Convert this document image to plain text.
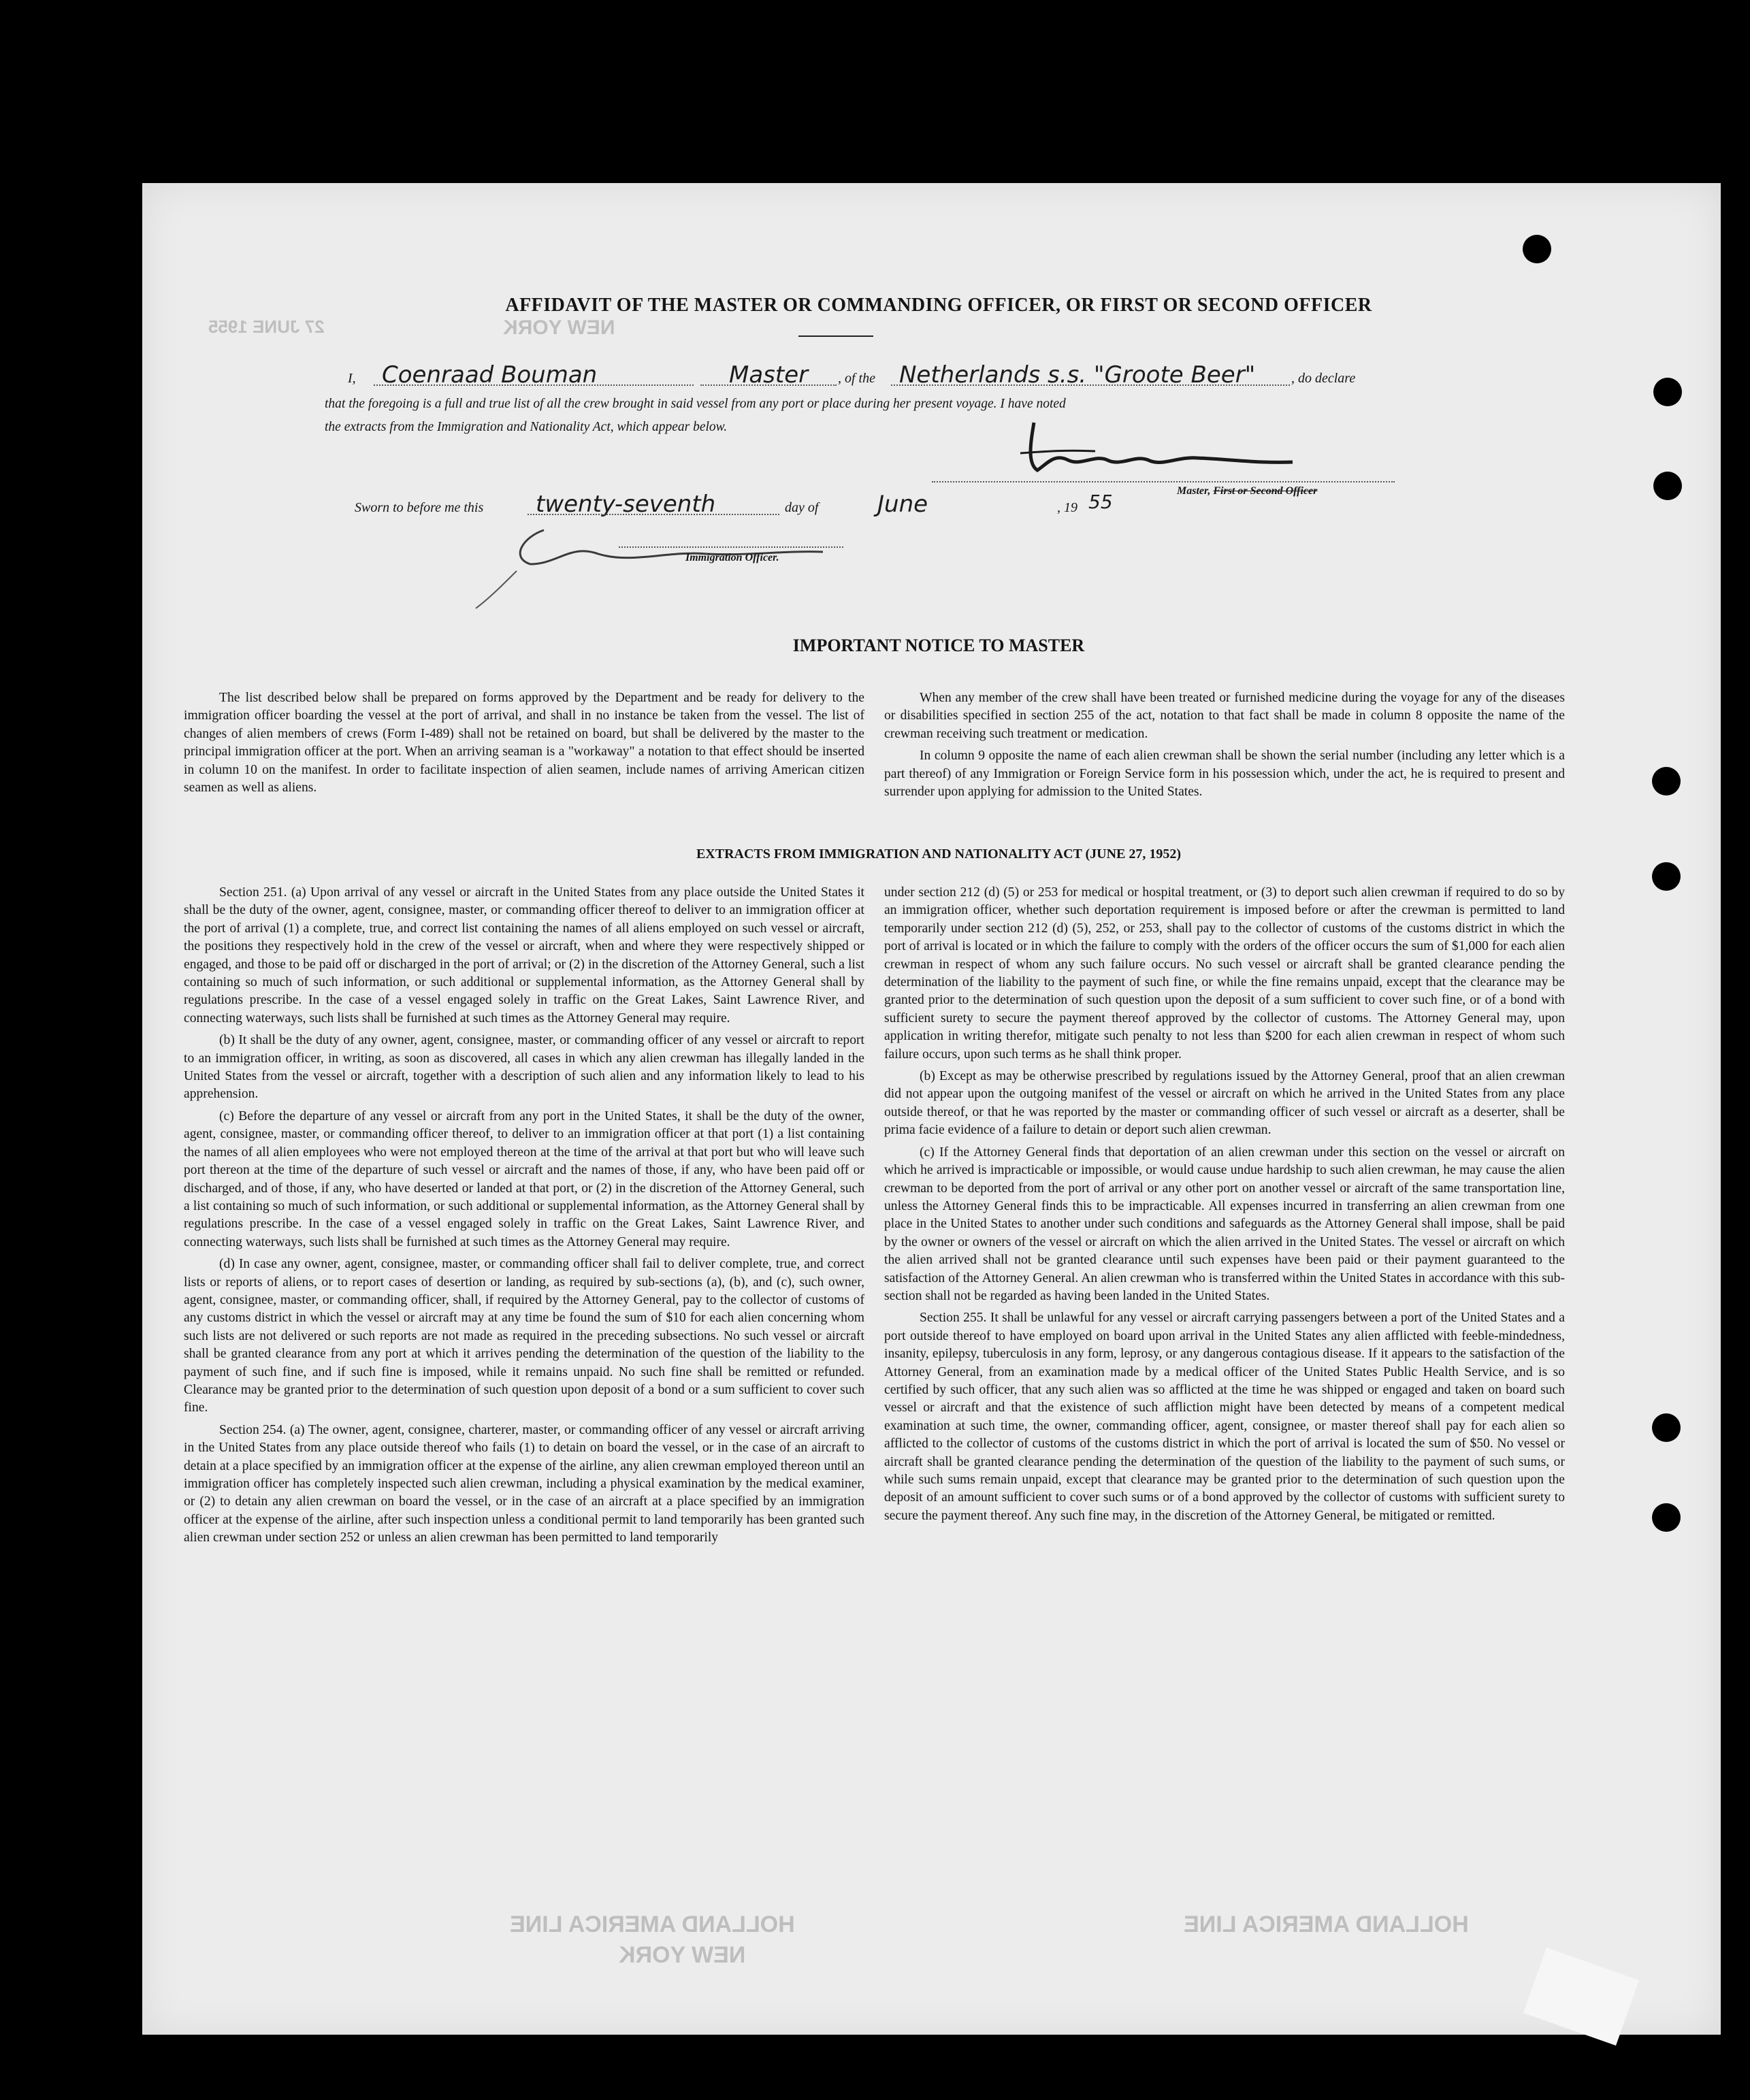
27 JUNE 1955	NEW YORK
HOLLAND AMERICA LINE
NEW YORK
HOLLAND AMERICA LINE
AFFIDAVIT OF THE MASTER OR COMMANDING OFFICER, OR FIRST OR SECOND OFFICER
I, Coenraad Bouman	Master , of the Netherlands s.s. "Groote Beer"	, do declare
that the foregoing is a full and true list of all the crew brought in said vessel from any port or place during her present voyage. I have noted
the extracts from the Immigration and Nationality Act, which appear below.
Master, First or Second Officer
Sworn to before me this twenty-seventh	day of	June	, 19 55
Immigration Officer.
IMPORTANT NOTICE TO MASTER

The list described below shall be prepared on forms approved by the Department and be ready for delivery to the immigration officer boarding the vessel at the port of arrival, and shall in no instance be taken from the vessel. The list of changes of alien members of crews (Form I-489) shall not be retained on board, but shall be delivered by the master to the principal immigration officer at the port. When an arriving seaman is a "workaway" a notation to that effect should be inserted in column 10 on the manifest. In order to facilitate inspection of alien seamen, include names of arriving American citizen seamen as well as aliens.

When any member of the crew shall have been treated or furnished medicine during the voyage for any of the diseases or disabilities specified in section 255 of the act, notation to that fact shall be made in column 8 opposite the name of the crewman receiving such treatment or medication.

In column 9 opposite the name of each alien crewman shall be shown the serial number (including any letter which is a part thereof) of any Immigration or Foreign Service form in his possession which, under the act, he is required to present and surrender upon applying for admission to the United States.

EXTRACTS FROM IMMIGRATION AND NATIONALITY ACT (JUNE 27, 1952)

Section 251. (a) Upon arrival of any vessel or aircraft in the United States from any place outside the United States it shall be the duty of the owner, agent, consignee, master, or commanding officer thereof to deliver to an immigration officer at the port of arrival (1) a complete, true, and correct list containing the names of all aliens employed on such vessel or aircraft, the positions they respectively hold in the crew of the vessel or aircraft, when and where they were respectively shipped or engaged, and those to be paid off or discharged in the port of arrival; or (2) in the discretion of the Attorney General, such a list containing so much of such information, or such additional or supplemental information, as the Attorney General shall by regulations prescribe. In the case of a vessel engaged solely in traffic on the Great Lakes, Saint Lawrence River, and connecting waterways, such lists shall be furnished at such times as the Attorney General may require.

(b) It shall be the duty of any owner, agent, consignee, master, or commanding officer of any vessel or aircraft to report to an immigration officer, in writing, as soon as discovered, all cases in which any alien crewman has illegally landed in the United States from the vessel or aircraft, together with a description of such alien and any information likely to lead to his apprehension.

(c) Before the departure of any vessel or aircraft from any port in the United States, it shall be the duty of the owner, agent, consignee, master, or commanding officer thereof, to deliver to an immigration officer at that port (1) a list containing the names of all alien employees who were not employed thereon at the time of the arrival at that port but who will leave such port thereon at the time of the departure of such vessel or aircraft and the names of those, if any, who have been paid off or discharged, and of those, if any, who have deserted or landed at that port, or (2) in the discretion of the Attorney General, such a list containing so much of such information, or such additional or supplemental information, as the Attorney General shall by regulations prescribe. In the case of a vessel engaged solely in traffic on the Great Lakes, Saint Lawrence River, and connecting waterways, such lists shall be furnished at such times as the Attorney General may require.

(d) In case any owner, agent, consignee, master, or commanding officer shall fail to deliver complete, true, and correct lists or reports of aliens, or to report cases of desertion or landing, as required by sub-sections (a), (b), and (c), such owner, agent, consignee, master, or commanding officer, shall, if required by the Attorney General, pay to the collector of customs of any customs district in which the vessel or aircraft may at any time be found the sum of $10 for each alien concerning whom such lists are not delivered or such reports are not made as required in the preceding subsections. No such vessel or aircraft shall be granted clearance from any port at which it arrives pending the determination of the question of the liability to the payment of such fine, and if such fine is imposed, while it remains unpaid. No such fine shall be remitted or refunded. Clearance may be granted prior to the determination of such question upon deposit of a bond or a sum sufficient to cover such fine.

Section 254. (a) The owner, agent, consignee, charterer, master, or commanding officer of any vessel or aircraft arriving in the United States from any place outside thereof who fails (1) to detain on board the vessel, or in the case of an aircraft to detain at a place specified by an immigration officer at the expense of the airline, any alien crewman employed thereon until an immigration officer has completely inspected such alien crewman, including a physical examination by the medical examiner, or (2) to detain any alien crewman on board the vessel, or in the case of an aircraft at a place specified by an immigration officer at the expense of the airline, after such inspection unless a conditional permit to land temporarily has been granted such alien crewman under section 252 or unless an alien crewman has been permitted to land temporarily

under section 212 (d) (5) or 253 for medical or hospital treatment, or (3) to deport such alien crewman if required to do so by an immigration officer, whether such deportation requirement is imposed before or after the crewman is permitted to land temporarily under section 212 (d) (5), 252, or 253, shall pay to the collector of customs of the customs district in which the port of arrival is located or in which the failure to comply with the orders of the officer occurs the sum of $1,000 for each alien crewman in respect of whom any such failure occurs. No such vessel or aircraft shall be granted clearance pending the determination of the liability to the payment of such fine, or while the fine remains unpaid, except that the clearance may be granted prior to the determination of such question upon the deposit of a sum sufficient to cover such fine, or of a bond with sufficient surety to secure the payment thereof approved by the collector of customs. The Attorney General may, upon application in writing therefor, mitigate such penalty to not less than $200 for each alien crewman in respect of whom such failure occurs, upon such terms as he shall think proper.

(b) Except as may be otherwise prescribed by regulations issued by the Attorney General, proof that an alien crewman did not appear upon the outgoing manifest of the vessel or aircraft on which he arrived in the United States from any place outside thereof, or that he was reported by the master or commanding officer of such vessel or aircraft as a deserter, shall be prima facie evidence of a failure to detain or deport such alien crewman.

(c) If the Attorney General finds that deportation of an alien crewman under this section on the vessel or aircraft on which he arrived is impracticable or impossible, or would cause undue hardship to such alien crewman, he may cause the alien crewman to be deported from the port of arrival or any other port on another vessel or aircraft of the same transportation line, unless the Attorney General finds this to be impracticable. All expenses incurred in transferring an alien crewman from one place in the United States to another under such conditions and safeguards as the Attorney General shall impose, shall be paid by the owner or owners of the vessel or aircraft on which the alien arrived in the United States. The vessel or aircraft on which the alien arrived shall not be granted clearance until such expenses have been paid or their payment guaranteed to the satisfaction of the Attorney General. An alien crewman who is transferred within the United States in accordance with this sub-section shall not be regarded as having been landed in the United States.

Section 255. It shall be unlawful for any vessel or aircraft carrying passengers between a port of the United States and a port outside thereof to have employed on board upon arrival in the United States any alien afflicted with feeble-mindedness, insanity, epilepsy, tuberculosis in any form, leprosy, or any dangerous contagious disease. If it appears to the satisfaction of the Attorney General, from an examination made by a medical officer of the United States Public Health Service, and is so certified by such officer, that any such alien was so afflicted at the time he was shipped or engaged and taken on board such vessel or aircraft and that the existence of such affliction might have been detected by means of a competent medical examination at such time, the owner, commanding officer, agent, consignee, or master thereof shall pay for each alien so afflicted to the collector of customs of the customs district in which the port of arrival is located the sum of $50. No vessel or aircraft shall be granted clearance pending the determination of the question of the liability to the payment of such sums, or while such sums remain unpaid, except that clearance may be granted prior to the determination of such question upon the deposit of an amount sufficient to cover such sums or of a bond approved by the collector of customs with sufficient surety to secure the payment thereof. Any such fine may, in the discretion of the Attorney General, be mitigated or remitted.
